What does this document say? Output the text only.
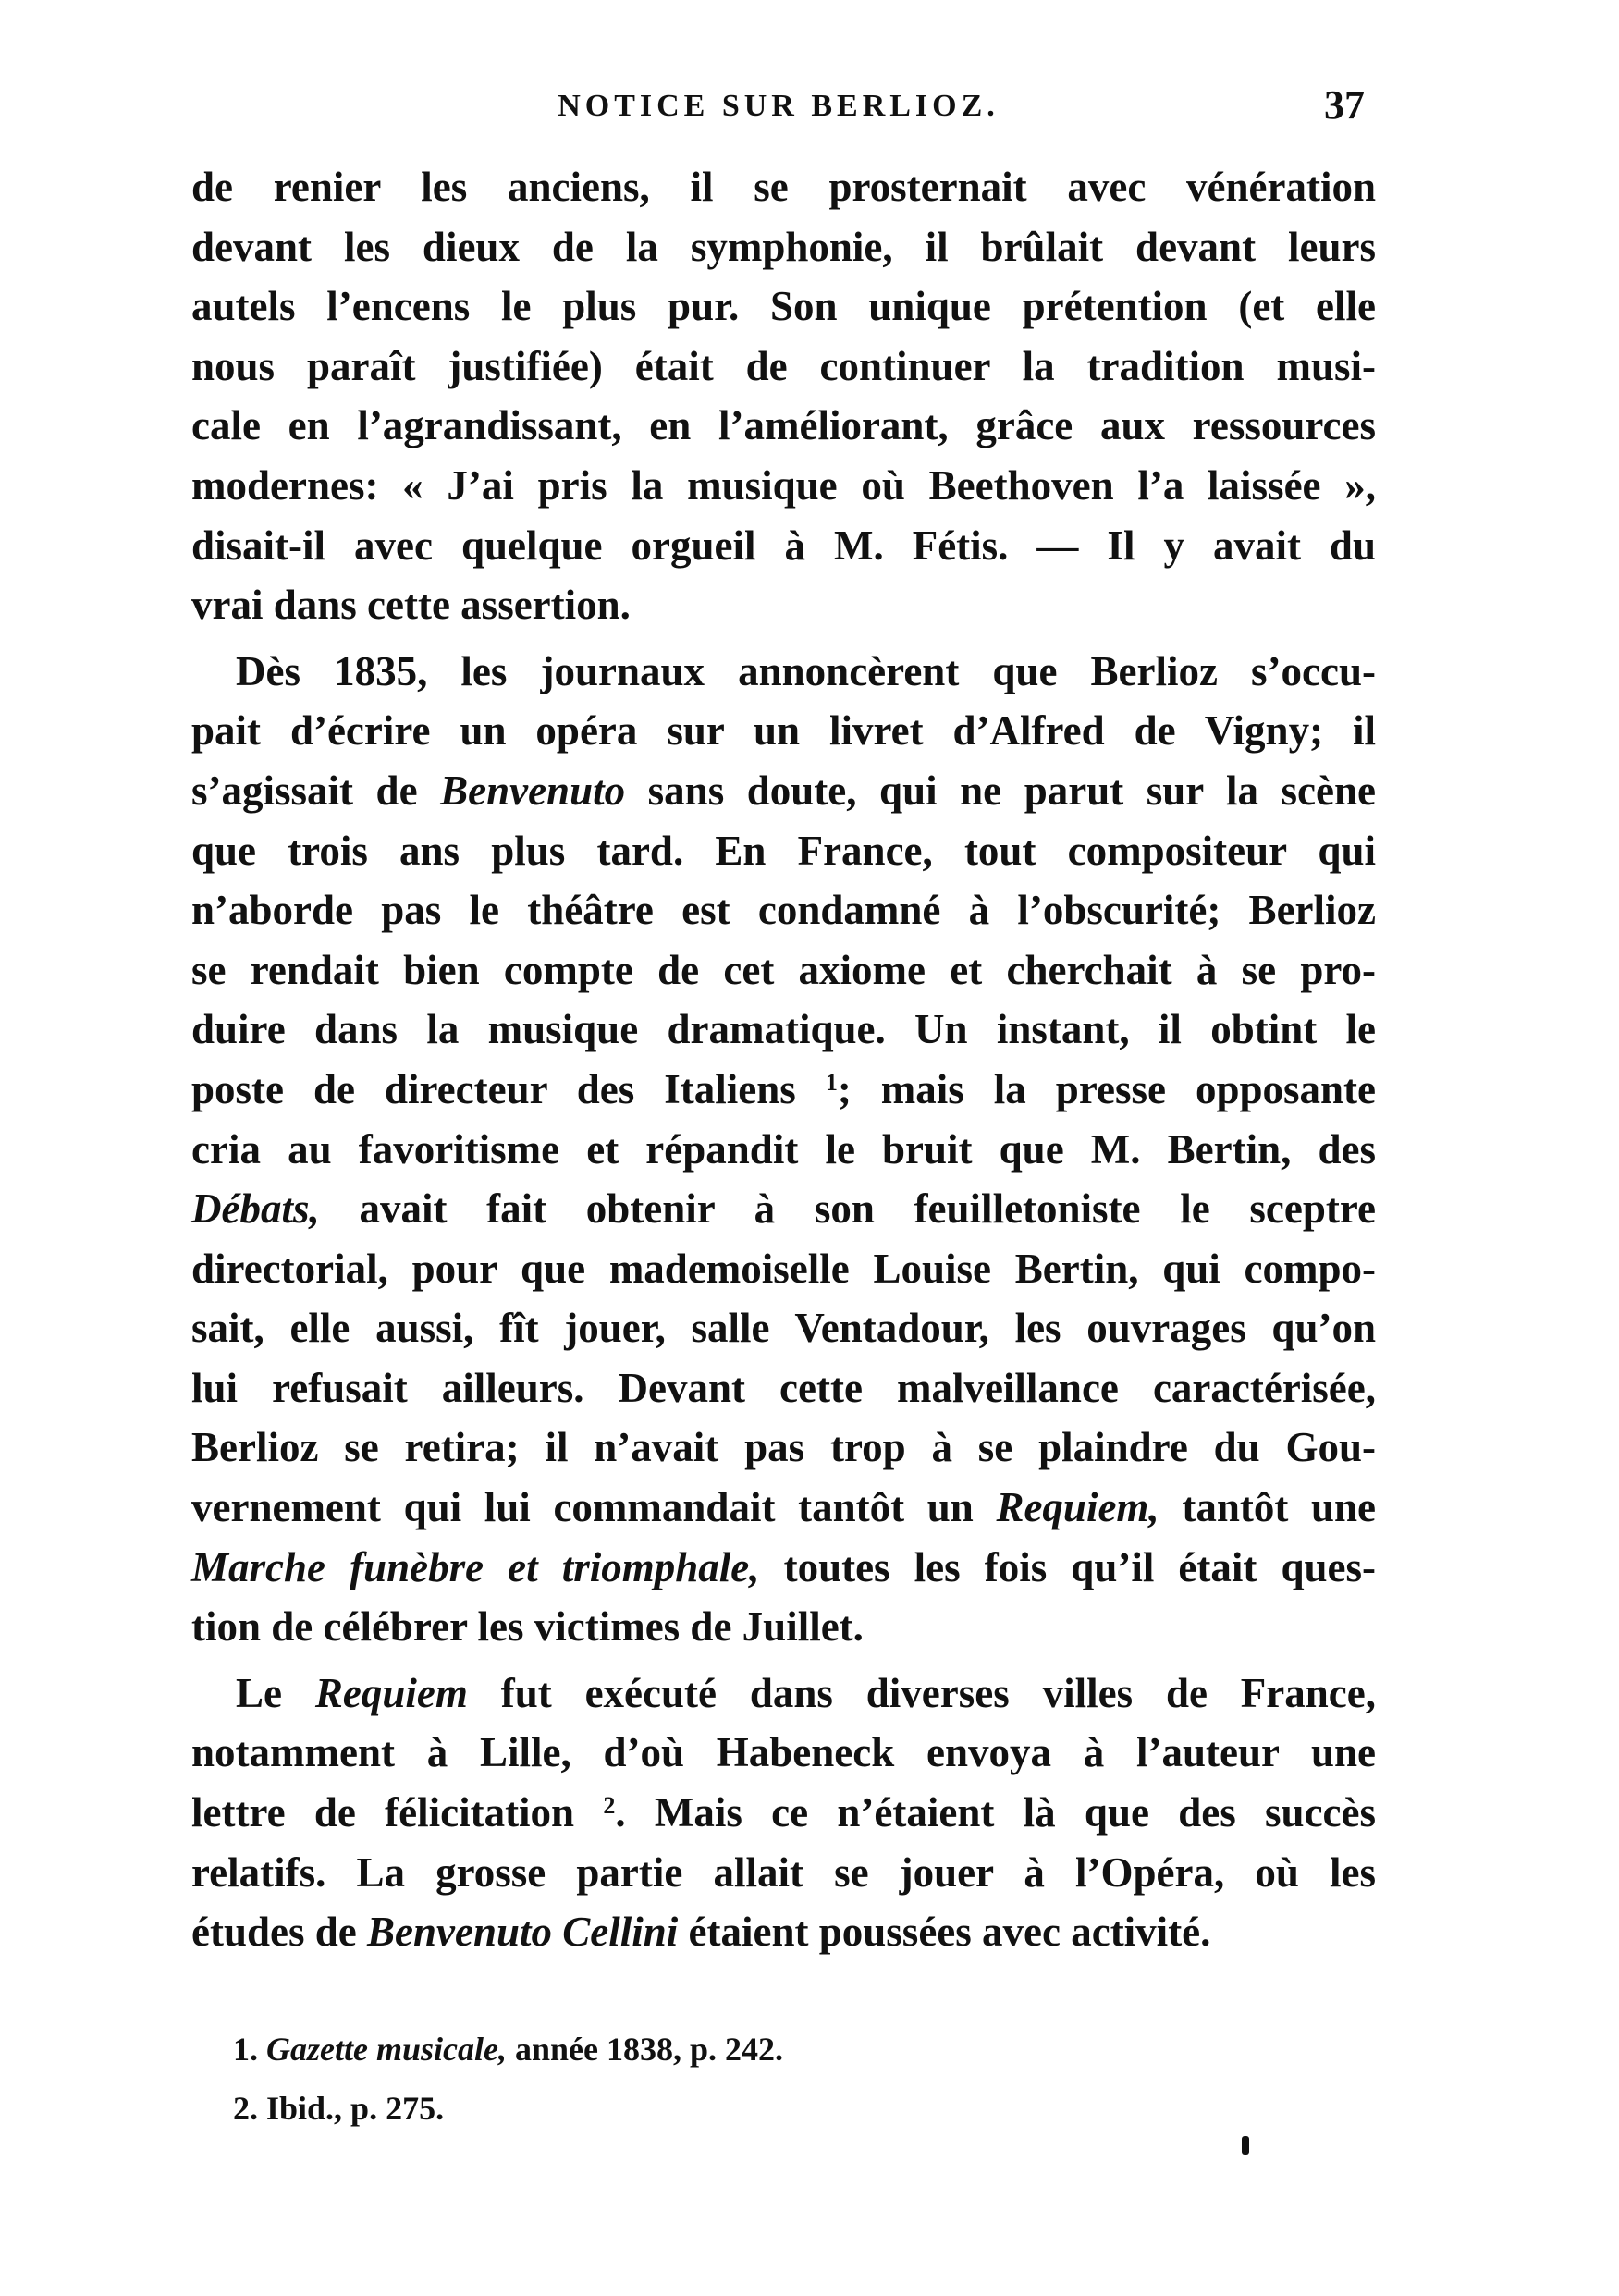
NOTICE SUR BERLIOZ.	37
de renier les anciens, il se prosternait avec vénération
devant les dieux de la symphonie, il brûlait devant leurs
autels l’encens le plus pur. Son unique prétention (et elle
nous paraît justifiée) était de continuer la tradition musi-
cale en l’agrandissant, en l’améliorant, grâce aux ressources
modernes: « J’ai pris la musique où Beethoven l’a laissée »,
disait-il avec quelque orgueil à M. Fétis. — Il y avait du
vrai dans cette assertion.
Dès 1835, les journaux annoncèrent que Berlioz s’occu-
pait d’écrire un opéra sur un livret d’Alfred de Vigny; il
s’agissait de Benvenuto sans doute, qui ne parut sur la scène
que trois ans plus tard. En France, tout compositeur qui
n’aborde pas le théâtre est condamné à l’obscurité; Berlioz
se rendait bien compte de cet axiome et cherchait à se pro-
duire dans la musique dramatique. Un instant, il obtint le
poste de directeur des Italiens $^1$; mais la presse opposante
cria au favoritisme et répandit le bruit que M. Bertin, des
Débats, avait fait obtenir à son feuilletoniste le sceptre
directorial, pour que mademoiselle Louise Bertin, qui compo-
sait, elle aussi, fît jouer, salle Ventadour, les ouvrages qu’on
lui refusait ailleurs. Devant cette malveillance caractérisée,
Berlioz se retira; il n’avait pas trop à se plaindre du Gou-
vernement qui lui commandait tantôt un Requiem, tantôt une
Marche funèbre et triomphale, toutes les fois qu’il était ques-
tion de célébrer les victimes de Juillet.
Le Requiem fut exécuté dans diverses villes de France,
notamment à Lille, d’où Habeneck envoya à l’auteur une
lettre de félicitation $^2$. Mais ce n’étaient là que des succès
relatifs. La grosse partie allait se jouer à l’Opéra, où les
études de Benvenuto Cellini étaient poussées avec activité.
1. Gazette musicale, année 1838, p. 242.
2. Ibid., p. 275.
